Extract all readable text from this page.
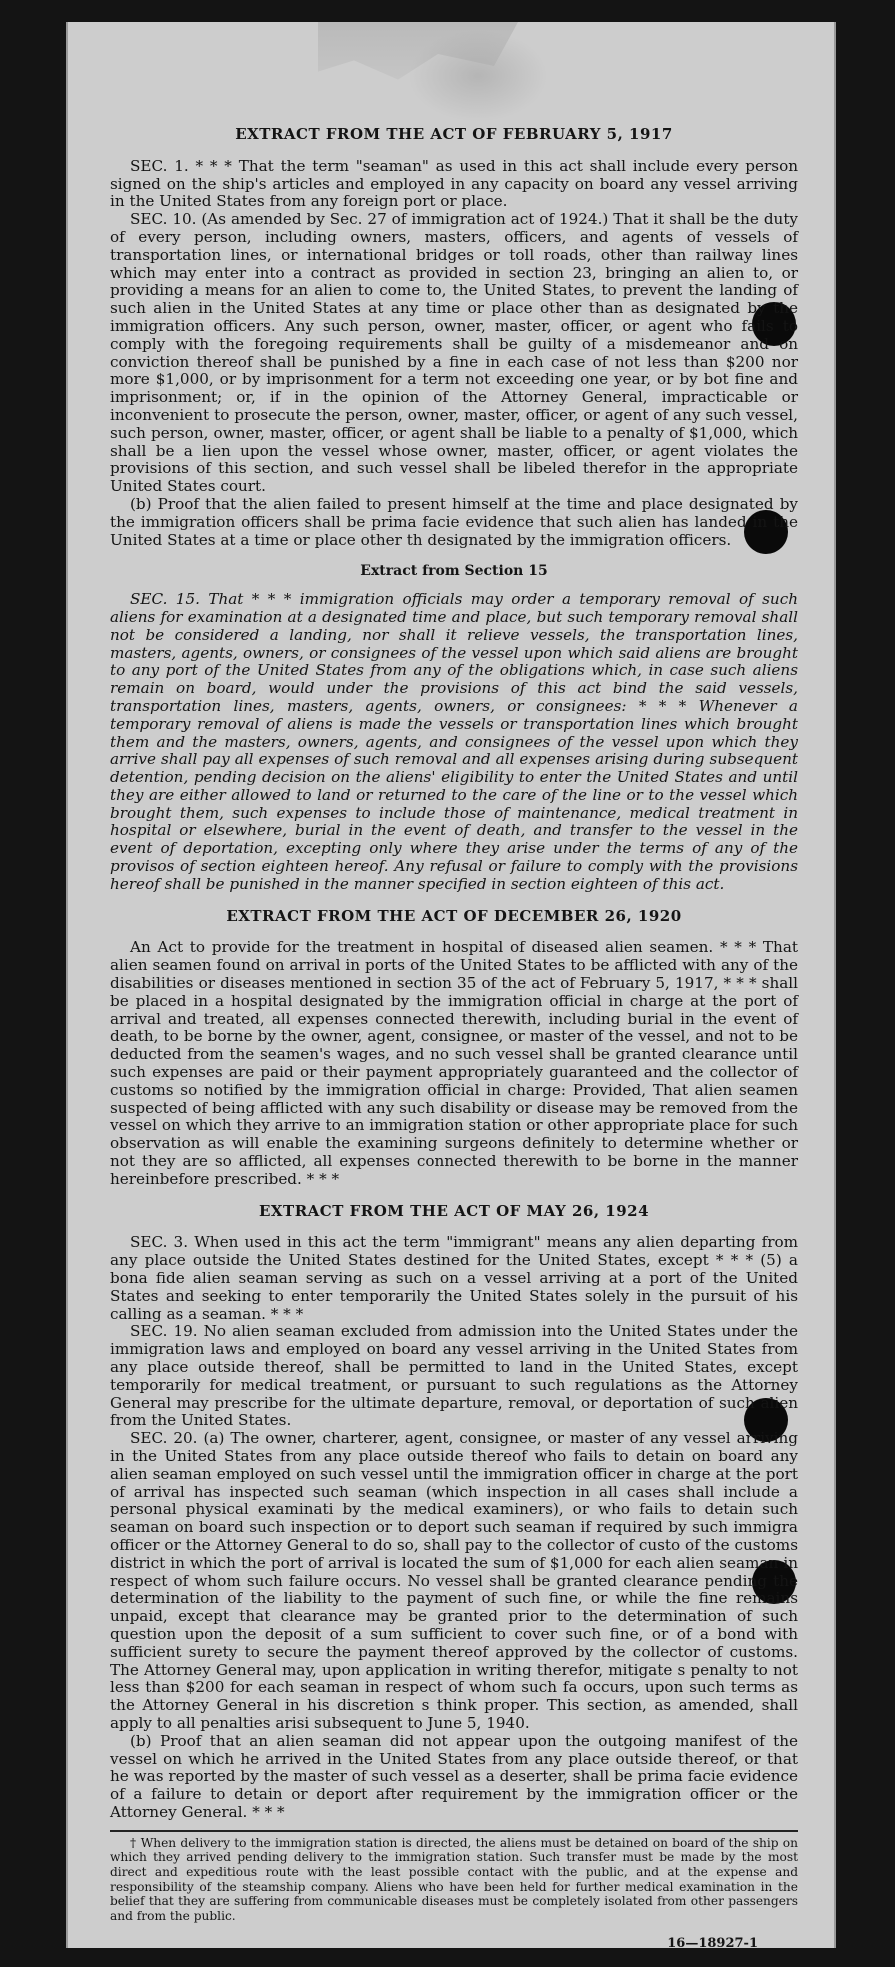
EXTRACT FROM THE ACT OF FEBRUARY 5, 1917

SEC. 1. * * * That the term "seaman" as used in this act shall include every person signed on the ship's articles and employed in any capacity on board any vessel arriving in the United States from any foreign port or place.

SEC. 10. (As amended by Sec. 27 of immigration act of 1924.) That it shall be the duty of every person, including owners, masters, officers, and agents of vessels of transportation lines, or international bridges or toll roads, other than railway lines which may enter into a contract as provided in section 23, bringing an alien to, or providing a means for an alien to come to, the United States, to prevent the landing of such alien in the United States at any time or place other than as designated by the immigration officers. Any such person, owner, master, officer, or agent who fails to comply with the foregoing requirements shall be guilty of a misdemeanor and on conviction thereof shall be punished by a fine in each case of not less than $200 nor more $1,000, or by imprisonment for a term not exceeding one year, or by bot fine and imprisonment; or, if in the opinion of the Attorney General, impracticable or inconvenient to prosecute the person, owner, master, officer, or agent of any such vessel, such person, owner, master, officer, or agent shall be liable to a penalty of $1,000, which shall be a lien upon the vessel whose owner, master, officer, or agent violates the provisions of this section, and such vessel shall be libeled therefor in the appropriate United States court.

(b) Proof that the alien failed to present himself at the time and place designated by the immigration officers shall be prima facie evidence that such alien has landed in the United States at a time or place other th designated by the immigration officers.

Extract from Section 15

SEC. 15. That * * * immigration officials may order a temporary removal of such aliens for examination at a designated time and place, but such temporary removal shall not be considered a landing, nor shall it relieve vessels, the transportation lines, masters, agents, owners, or consignees of the vessel upon which said aliens are brought to any port of the United States from any of the obligations which, in case such aliens remain on board, would under the provisions of this act bind the said vessels, transportation lines, masters, agents, owners, or consignees: * * * Whenever a temporary removal of aliens is made the vessels or transportation lines which brought them and the masters, owners, agents, and consignees of the vessel upon which they arrive shall pay all expenses of such removal and all expenses arising during subsequent detention, pending decision on the aliens' eligibility to enter the United States and until they are either allowed to land or returned to the care of the line or to the vessel which brought them, such expenses to include those of maintenance, medical treatment in hospital or elsewhere, burial in the event of death, and transfer to the vessel in the event of deportation, excepting only where they arise under the terms of any of the provisos of section eighteen hereof. Any refusal or failure to comply with the provisions hereof shall be punished in the manner specified in section eighteen of this act.

EXTRACT FROM THE ACT OF DECEMBER 26, 1920

An Act to provide for the treatment in hospital of diseased alien seamen. * * * That alien seamen found on arrival in ports of the United States to be afflicted with any of the disabilities or diseases mentioned in section 35 of the act of February 5, 1917, * * * shall be placed in a hospital designated by the immigration official in charge at the port of arrival and treated, all expenses connected therewith, including burial in the event of death, to be borne by the owner, agent, consignee, or master of the vessel, and not to be deducted from the seamen's wages, and no such vessel shall be granted clearance until such expenses are paid or their payment appropriately guaranteed and the collector of customs so notified by the immigration official in charge: Provided, That alien seamen suspected of being afflicted with any such disability or disease may be removed from the vessel on which they arrive to an immigration station or other appropriate place for such observation as will enable the examining surgeons definitely to determine whether or not they are so afflicted, all expenses connected therewith to be borne in the manner hereinbefore prescribed. * * *

EXTRACT FROM THE ACT OF MAY 26, 1924

SEC. 3. When used in this act the term "immigrant" means any alien departing from any place outside the United States destined for the United States, except * * * (5) a bona fide alien seaman serving as such on a vessel arriving at a port of the United States and seeking to enter temporarily the United States solely in the pursuit of his calling as a seaman. * * *

SEC. 19. No alien seaman excluded from admission into the United States under the immigration laws and employed on board any vessel arriving in the United States from any place outside thereof, shall be permitted to land in the United States, except temporarily for medical treatment, or pursuant to such regulations as the Attorney General may prescribe for the ultimate departure, removal, or deportation of such alien from the United States.

SEC. 20. (a) The owner, charterer, agent, consignee, or master of any vessel arriving in the United States from any place outside thereof who fails to detain on board any alien seaman employed on such vessel until the immigration officer in charge at the port of arrival has inspected such seaman (which inspection in all cases shall include a personal physical examinati by the medical examiners), or who fails to detain such seaman on board such inspection or to deport such seaman if required by such immigra officer or the Attorney General to do so, shall pay to the collector of custo of the customs district in which the port of arrival is located the sum of $1,000 for each alien seaman in respect of whom such failure occurs. No vessel shall be granted clearance pending the determination of the liability to the payment of such fine, or while the fine remains unpaid, except that clearance may be granted prior to the determination of such question upon the deposit of a sum sufficient to cover such fine, or of a bond with sufficient surety to secure the payment thereof approved by the collector of customs. The Attorney General may, upon application in writing therefor, mitigate s penalty to not less than $200 for each seaman in respect of whom such fa occurs, upon such terms as the Attorney General in his discretion s think proper. This section, as amended, shall apply to all penalties arisi subsequent to June 5, 1940.

(b) Proof that an alien seaman did not appear upon the outgoing manifest of the vessel on which he arrived in the United States from any place outside thereof, or that he was reported by the master of such vessel as a deserter, shall be prima facie evidence of a failure to detain or deport after requirement by the immigration officer or the Attorney General. * * *

† When delivery to the immigration station is directed, the aliens must be detained on board of the ship on which they arrived pending delivery to the immigration station. Such transfer must be made by the most direct and expeditious route with the least possible contact with the public, and at the expense and responsibility of the steamship company. Aliens who have been held for further medical examination in the belief that they are suffering from communicable diseases must be completely isolated from other passengers and from the public.

16—18927-1
